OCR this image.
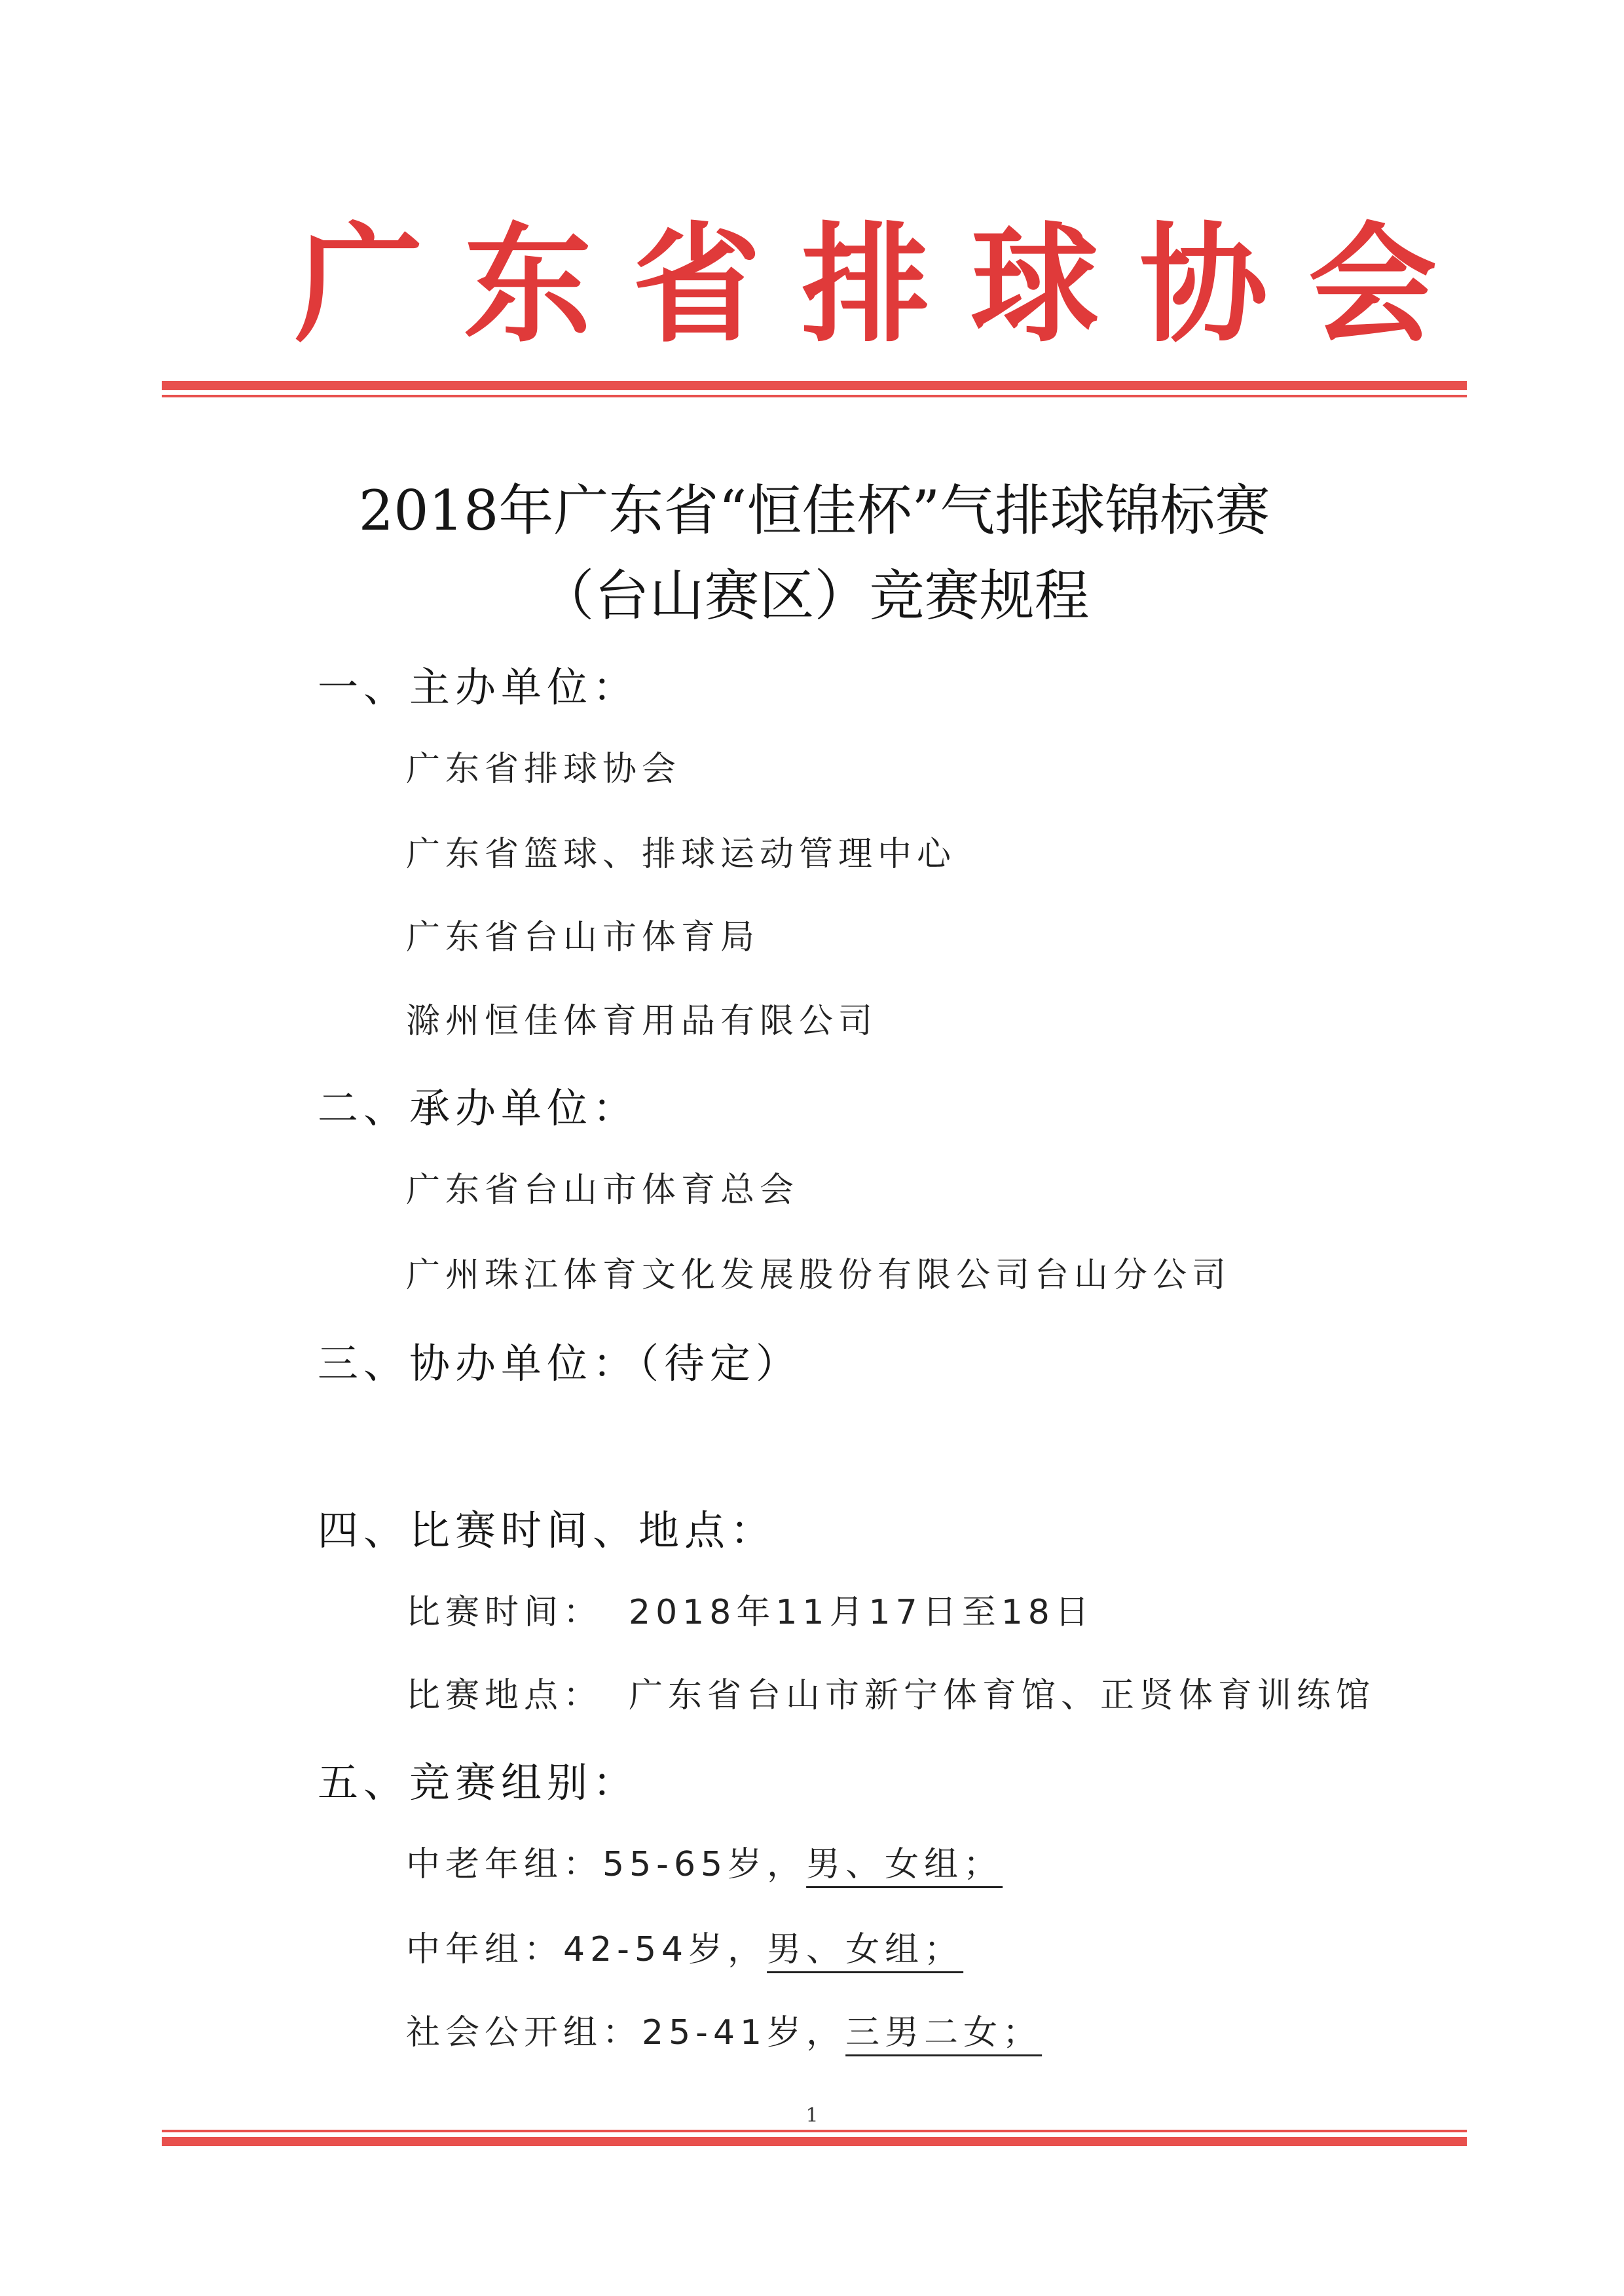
广东省排球协会
2018年广东省“恒佳杯”气排球锦标赛
（台山赛区）竞赛规程
一、主办单位：
广东省排球协会
广东省篮球、排球运动管理中心
广东省台山市体育局
滁州恒佳体育用品有限公司
二、承办单位：
广东省台山市体育总会
广州珠江体育文化发展股份有限公司台山分公司
三、协办单位：（待定）
四、比赛时间、地点：
比赛时间： 2018年11月17日至18日
比赛地点： 广东省台山市新宁体育馆、正贤体育训练馆
五、竞赛组别：
中老年组：55-65岁，男、女组；
中年组：42-54岁，男、女组；
社会公开组：25-41岁，三男二女；
1
